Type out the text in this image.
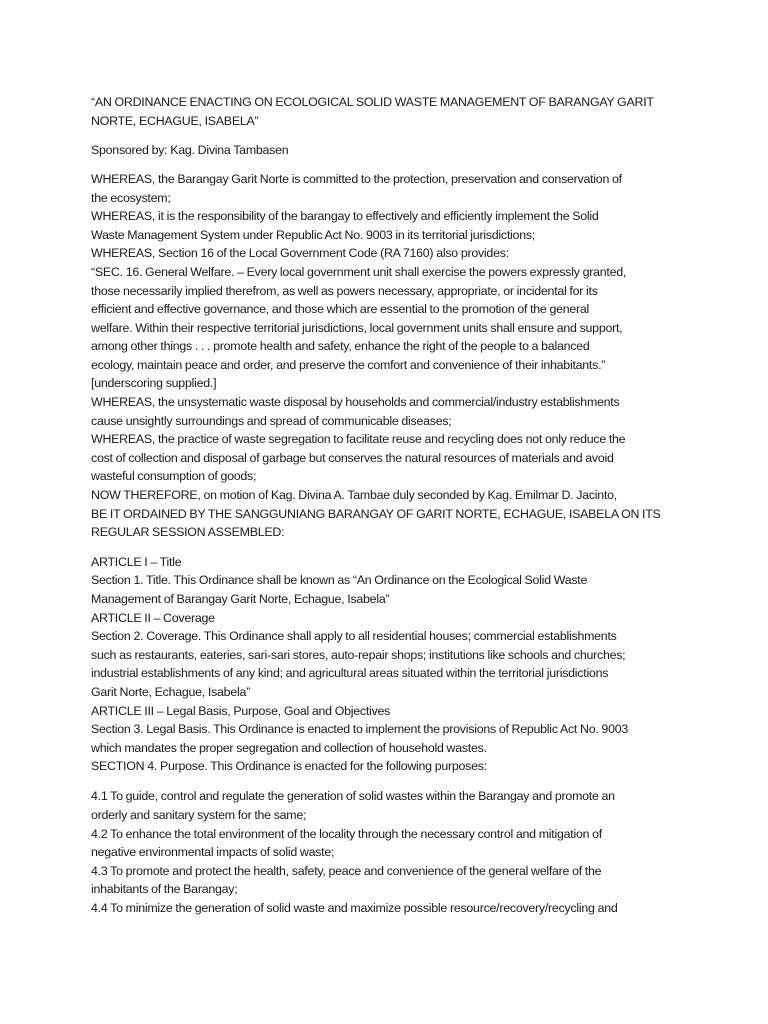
“AN ORDINANCE ENACTING ON ECOLOGICAL SOLID WASTE MANAGEMENT OF BARANGAY GARIT
NORTE, ECHAGUE, ISABELA”
Sponsored by: Kag. Divina Tambasen
WHEREAS, the Barangay Garit Norte is committed to the protection, preservation and conservation of
the ecosystem;
WHEREAS, it is the responsibility of the barangay to effectively and efficiently implement the Solid
Waste Management System under Republic Act No. 9003 in its territorial jurisdictions;
WHEREAS, Section 16 of the Local Government Code (RA 7160) also provides:
“SEC. 16. General Welfare. – Every local government unit shall exercise the powers expressly granted,
those necessarily implied therefrom, as well as powers necessary, appropriate, or incidental for its
efficient and effective governance, and those which are essential to the promotion of the general
welfare. Within their respective territorial jurisdictions, local government units shall ensure and support,
among other things . . . promote health and safety, enhance the right of the people to a balanced
ecology, maintain peace and order, and preserve the comfort and convenience of their inhabitants.”
[underscoring supplied.]
WHEREAS, the unsystematic waste disposal by households and commercial/industry establishments
cause unsightly surroundings and spread of communicable diseases;
WHEREAS, the practice of waste segregation to facilitate reuse and recycling does not only reduce the
cost of collection and disposal of garbage but conserves the natural resources of materials and avoid
wasteful consumption of goods;
NOW THEREFORE, on motion of Kag. Divina A. Tambae duly seconded by Kag. Emilmar D. Jacinto,
BE IT ORDAINED BY THE SANGGUNIANG BARANGAY OF GARIT NORTE, ECHAGUE, ISABELA ON ITS
REGULAR SESSION ASSEMBLED:
ARTICLE I – Title
Section 1. Title. This Ordinance shall be known as “An Ordinance on the Ecological Solid Waste
Management of Barangay Garit Norte, Echague, Isabela”
ARTICLE II – Coverage
Section 2. Coverage. This Ordinance shall apply to all residential houses; commercial establishments
such as restaurants, eateries, sari-sari stores, auto-repair shops; institutions like schools and churches;
industrial establishments of any kind; and agricultural areas situated within the territorial jurisdictions
Garit Norte, Echague, Isabela”
ARTICLE III – Legal Basis, Purpose, Goal and Objectives
Section 3. Legal Basis. This Ordinance is enacted to implement the provisions of Republic Act No. 9003
which mandates the proper segregation and collection of household wastes.
SECTION 4. Purpose. This Ordinance is enacted for the following purposes:
4.1 To guide, control and regulate the generation of solid wastes within the Barangay and promote an
orderly and sanitary system for the same;
4.2 To enhance the total environment of the locality through the necessary control and mitigation of
negative environmental impacts of solid waste;
4.3 To promote and protect the health, safety, peace and convenience of the general welfare of the
inhabitants of the Barangay;
4.4 To minimize the generation of solid waste and maximize possible resource/recovery/recycling and
